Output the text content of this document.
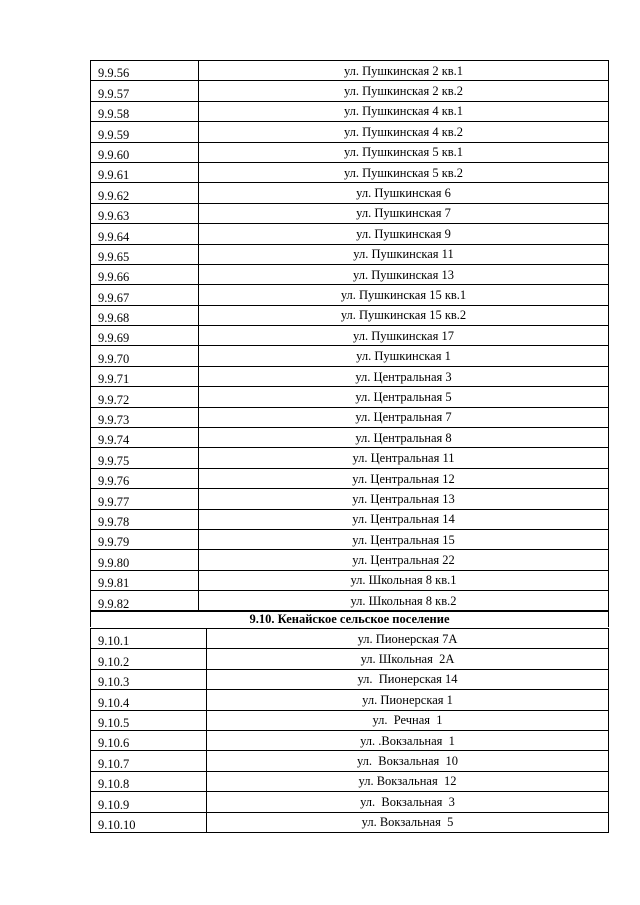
9.9.56	ул. Пушкинская 2 кв.1
9.9.57	ул. Пушкинская 2 кв.2
9.9.58	ул. Пушкинская 4 кв.1
9.9.59	ул. Пушкинская 4 кв.2
9.9.60	ул. Пушкинская 5 кв.1
9.9.61	ул. Пушкинская 5 кв.2
9.9.62	ул. Пушкинская 6
9.9.63	ул. Пушкинская 7
9.9.64	ул. Пушкинская 9
9.9.65	ул. Пушкинская 11
9.9.66	ул. Пушкинская 13
9.9.67	ул. Пушкинская 15 кв.1
9.9.68	ул. Пушкинская 15 кв.2
9.9.69	ул. Пушкинская 17
9.9.70	ул. Пушкинская 1
9.9.71	ул. Центральная 3
9.9.72	ул. Центральная 5
9.9.73	ул. Центральная 7
9.9.74	ул. Центральная 8
9.9.75	ул. Центральная 11
9.9.76	ул. Центральная 12
9.9.77	ул. Центральная 13
9.9.78	ул. Центральная 14
9.9.79	ул. Центральная 15
9.9.80	ул. Центральная 22
9.9.81	ул. Школьная 8 кв.1
9.9.82	ул. Школьная 8 кв.2
9.10.1	ул. Пионерская 7А
9.10.2	ул. Школьная  2А
9.10.3	ул.  Пионерская 14
9.10.4	ул. Пионерская 1
9.10.5	ул.  Речная  1
9.10.6	ул. .Вокзальная  1
9.10.7	ул.  Вокзальная  10
9.10.8	ул. Вокзальная  12
9.10.9	ул.  Вокзальная  3
9.10.10	ул. Вокзальная  5
9.10. Кенайское сельское поселение
